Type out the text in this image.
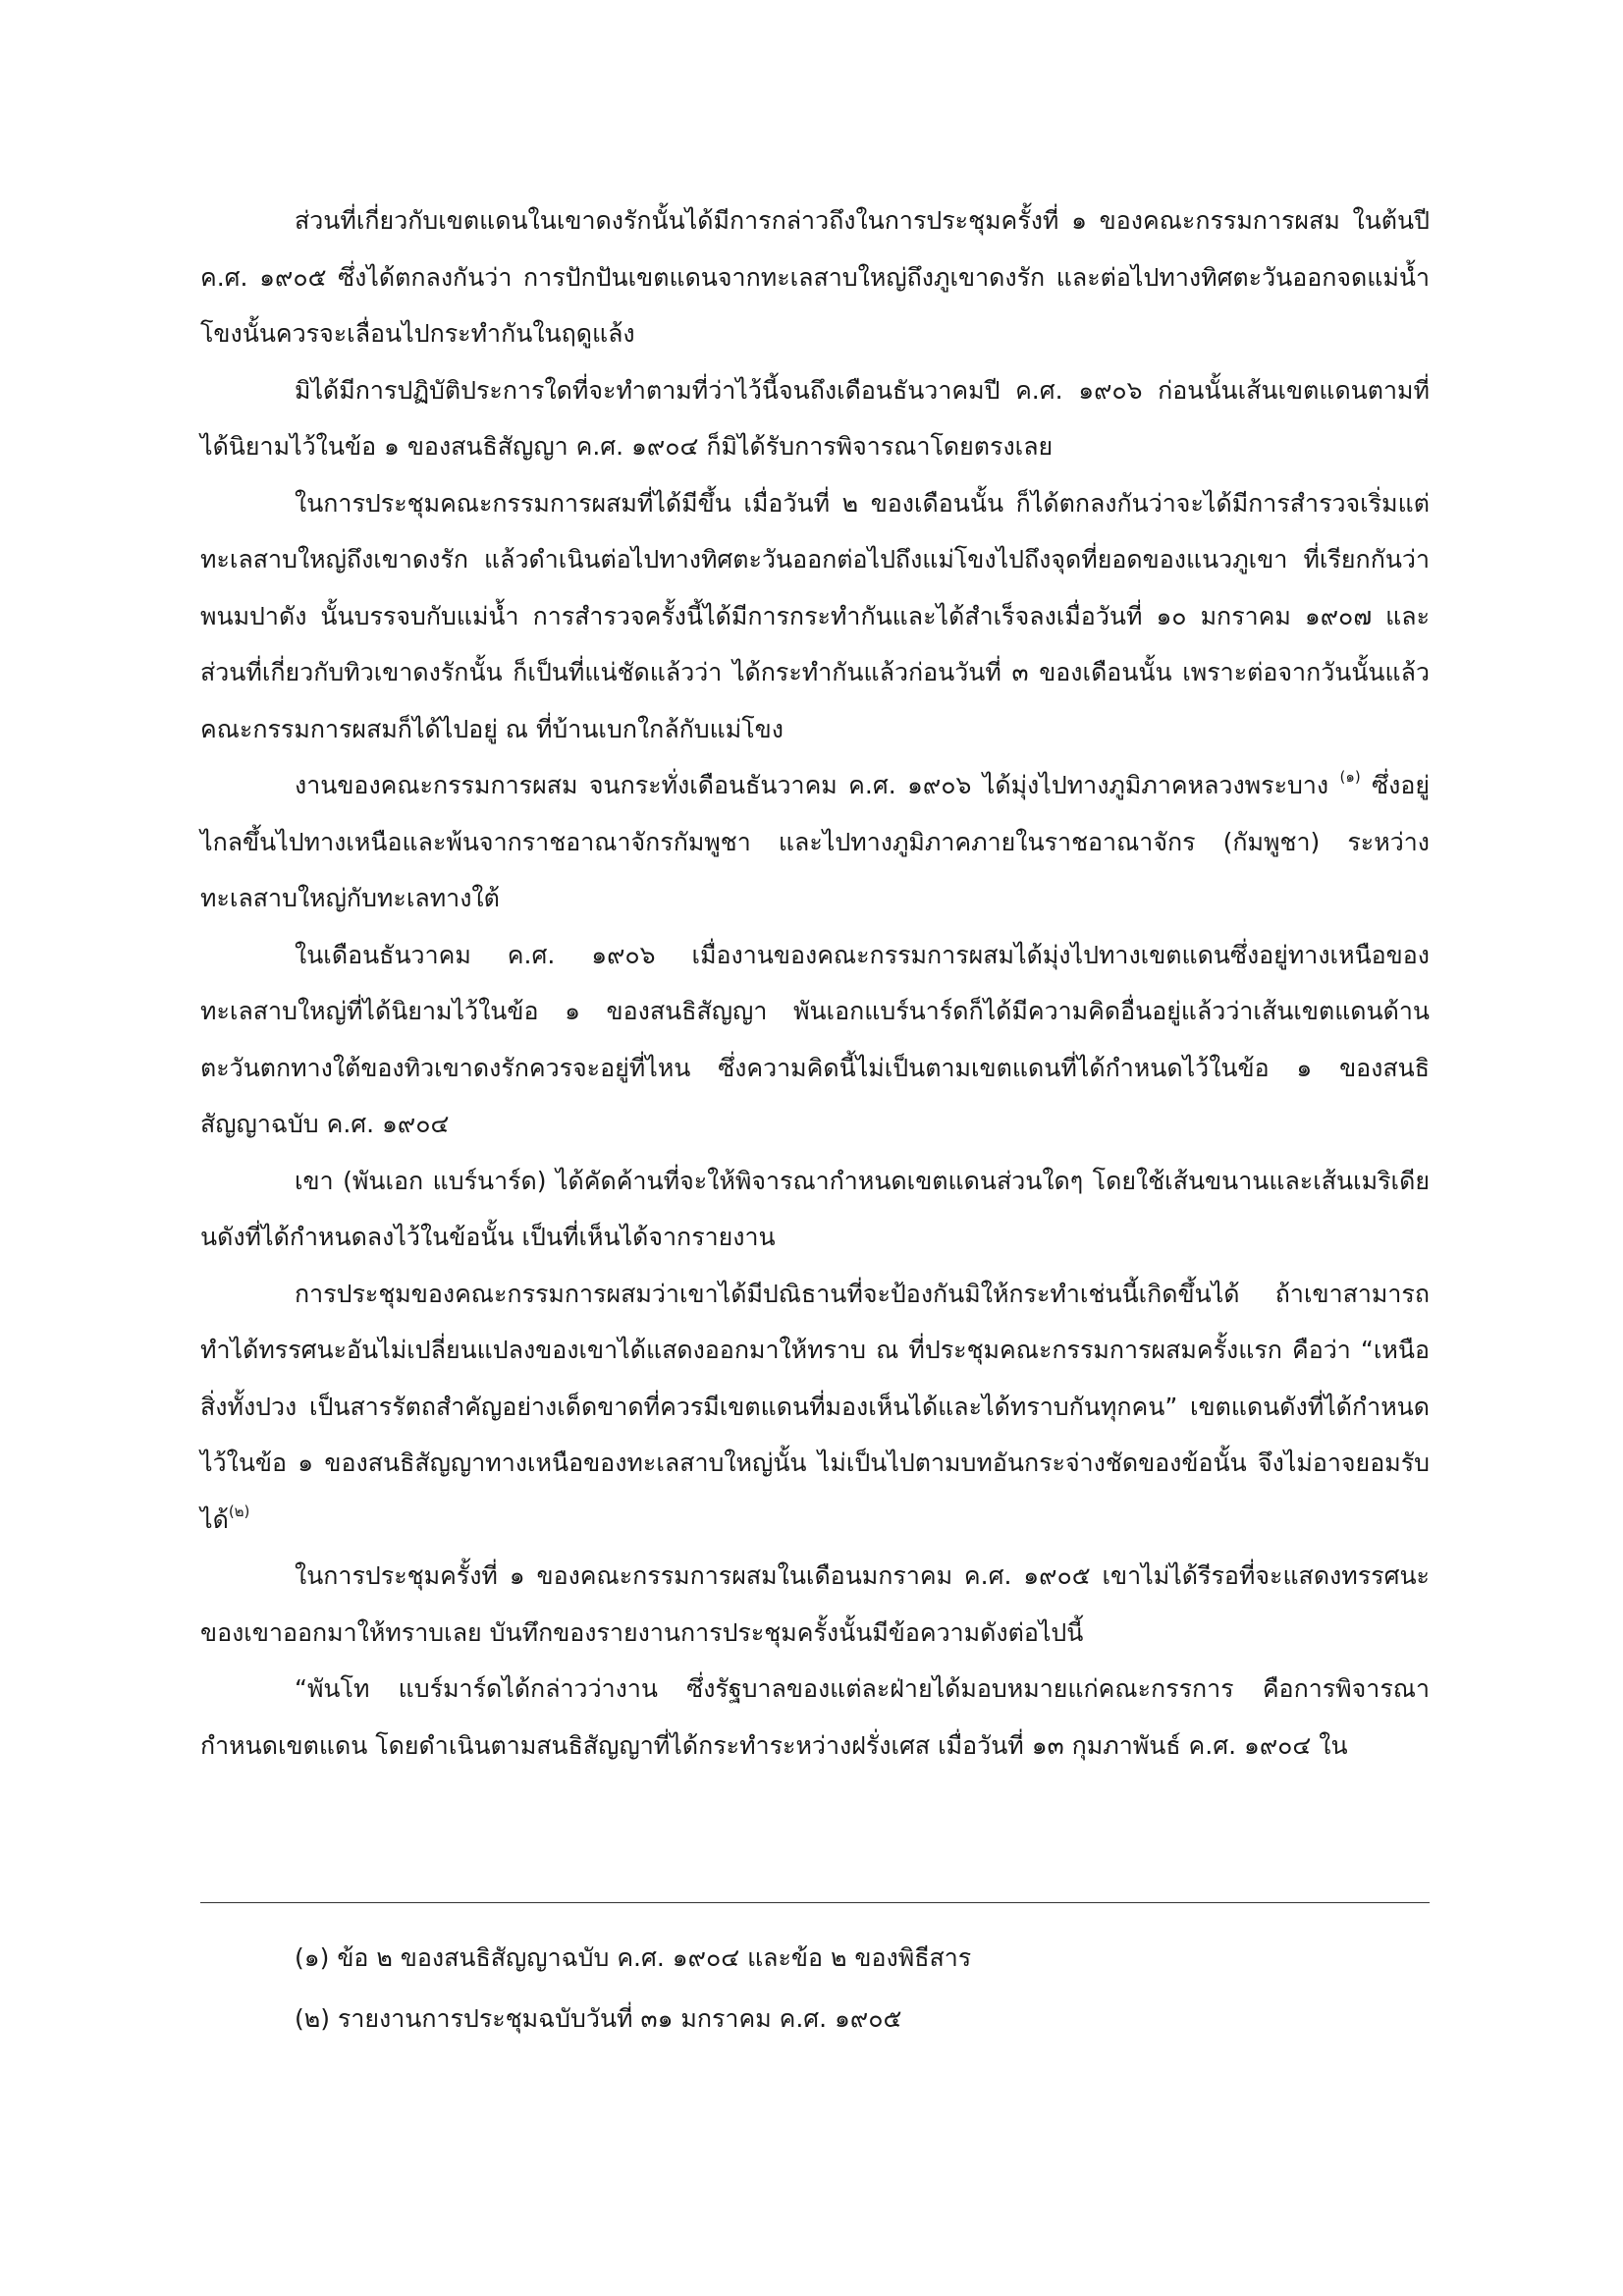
ส่วนที่เกี่ยวกับเขตแดนในเขาดงรักนั้นได้มีการกล่าวถึงในการประชุมครั้งที่ ๑ ของคณะกรรมการผสม ในต้นปี ค.ศ. ๑๙๐๕ ซึ่งได้ตกลงกันว่า การปักปันเขตแดนจากทะเลสาบใหญ่ถึงภูเขาดงรัก และต่อไปทางทิศตะวันออกจดแม่น้ำโขงนั้นควรจะเลื่อนไปกระทำกันในฤดูแล้ง

มิได้มีการปฏิบัติประการใดที่จะทำตามที่ว่าไว้นี้จนถึงเดือนธันวาคมปี ค.ศ. ๑๙๐๖ ก่อนนั้นเส้นเขตแดนตามที่ได้นิยามไว้ในข้อ ๑ ของสนธิสัญญา ค.ศ. ๑๙๐๔ ก็มิได้รับการพิจารณาโดยตรงเลย

ในการประชุมคณะกรรมการผสมที่ได้มีขึ้น เมื่อวันที่ ๒ ของเดือนนั้น ก็ได้ตกลงกันว่าจะได้มีการสำรวจเริ่มแต่ทะเลสาบใหญ่ถึงเขาดงรัก แล้วดำเนินต่อไปทางทิศตะวันออกต่อไปถึงแม่โขงไปถึงจุดที่ยอดของแนวภูเขา ที่เรียกกันว่า พนมปาดัง นั้นบรรจบกับแม่น้ำ การสำรวจครั้งนี้ได้มีการกระทำกันและได้สำเร็จลงเมื่อวันที่ ๑๐ มกราคม ๑๙๐๗ และส่วนที่เกี่ยวกับทิวเขาดงรักนั้น ก็เป็นที่แน่ชัดแล้วว่า ได้กระทำกันแล้วก่อนวันที่ ๓ ของเดือนนั้น เพราะต่อจากวันนั้นแล้ว คณะกรรมการผสมก็ได้ไปอยู่ ณ ที่บ้านเบกใกล้กับแม่โขง

งานของคณะกรรมการผสม จนกระทั่งเดือนธันวาคม ค.ศ. ๑๙๐๖ ได้มุ่งไปทางภูมิภาคหลวงพระบาง $^{(๑)}$ ซึ่งอยู่ไกลขึ้นไปทางเหนือและพ้นจากราชอาณาจักรกัมพูชา และไปทางภูมิภาคภายในราชอาณาจักร (กัมพูชา) ระหว่างทะเลสาบใหญ่กับทะเลทางใต้

ในเดือนธันวาคม ค.ศ. ๑๙๐๖ เมื่องานของคณะกรรมการผสมได้มุ่งไปทางเขตแดนซึ่งอยู่ทางเหนือของทะเลสาบใหญ่ที่ได้นิยามไว้ในข้อ ๑ ของสนธิสัญญา พันเอกแบร์นาร์ดก็ได้มีความคิดอื่นอยู่แล้วว่าเส้นเขตแดนด้านตะวันตกทางใต้ของทิวเขาดงรักควรจะอยู่ที่ไหน ซึ่งความคิดนี้ไม่เป็นตามเขตแดนที่ได้กำหนดไว้ในข้อ ๑ ของสนธิสัญญาฉบับ ค.ศ. ๑๙๐๔

เขา (พันเอก แบร์นาร์ด) ได้คัดค้านที่จะให้พิจารณากำหนดเขตแดนส่วนใดๆ โดยใช้เส้นขนานและเส้นเมริเดียนดังที่ได้กำหนดลงไว้ในข้อนั้น เป็นที่เห็นได้จากรายงาน

การประชุมของคณะกรรมการผสมว่าเขาได้มีปณิธานที่จะป้องกันมิให้กระทำเช่นนี้เกิดขึ้นได้ ถ้าเขาสามารถทำได้ทรรศนะอันไม่เปลี่ยนแปลงของเขาได้แสดงออกมาให้ทราบ ณ ที่ประชุมคณะกรรมการผสมครั้งแรก คือว่า “เหนือสิ่งทั้งปวง เป็นสารรัตถสำคัญอย่างเด็ดขาดที่ควรมีเขตแดนที่มองเห็นได้และได้ทราบกันทุกคน” เขตแดนดังที่ได้กำหนดไว้ในข้อ ๑ ของสนธิสัญญาทางเหนือของทะเลสาบใหญ่นั้น ไม่เป็นไปตามบทอันกระจ่างชัดของข้อนั้น จึงไม่อาจยอมรับได้$^{(๒)}$

ในการประชุมครั้งที่ ๑ ของคณะกรรมการผสมในเดือนมกราคม ค.ศ. ๑๙๐๕ เขาไม่ได้รีรอที่จะแสดงทรรศนะของเขาออกมาให้ทราบเลย บันทึกของรายงานการประชุมครั้งนั้นมีข้อความดังต่อไปนี้

“พันโท แบร์มาร์ดได้กล่าวว่างาน ซึ่งรัฐบาลของแต่ละฝ่ายได้มอบหมายแก่คณะกรรการ คือการพิจารณากำหนดเขตแดน โดยดำเนินตามสนธิสัญญาที่ได้กระทำระหว่างฝรั่งเศส เมื่อวันที่ ๑๓ กุมภาพันธ์ ค.ศ. ๑๙๐๔ ใน

(๑) ข้อ ๒ ของสนธิสัญญาฉบับ ค.ศ. ๑๙๐๔ และข้อ ๒ ของพิธีสาร

(๒) รายงานการประชุมฉบับวันที่ ๓๑ มกราคม ค.ศ. ๑๙๐๕
